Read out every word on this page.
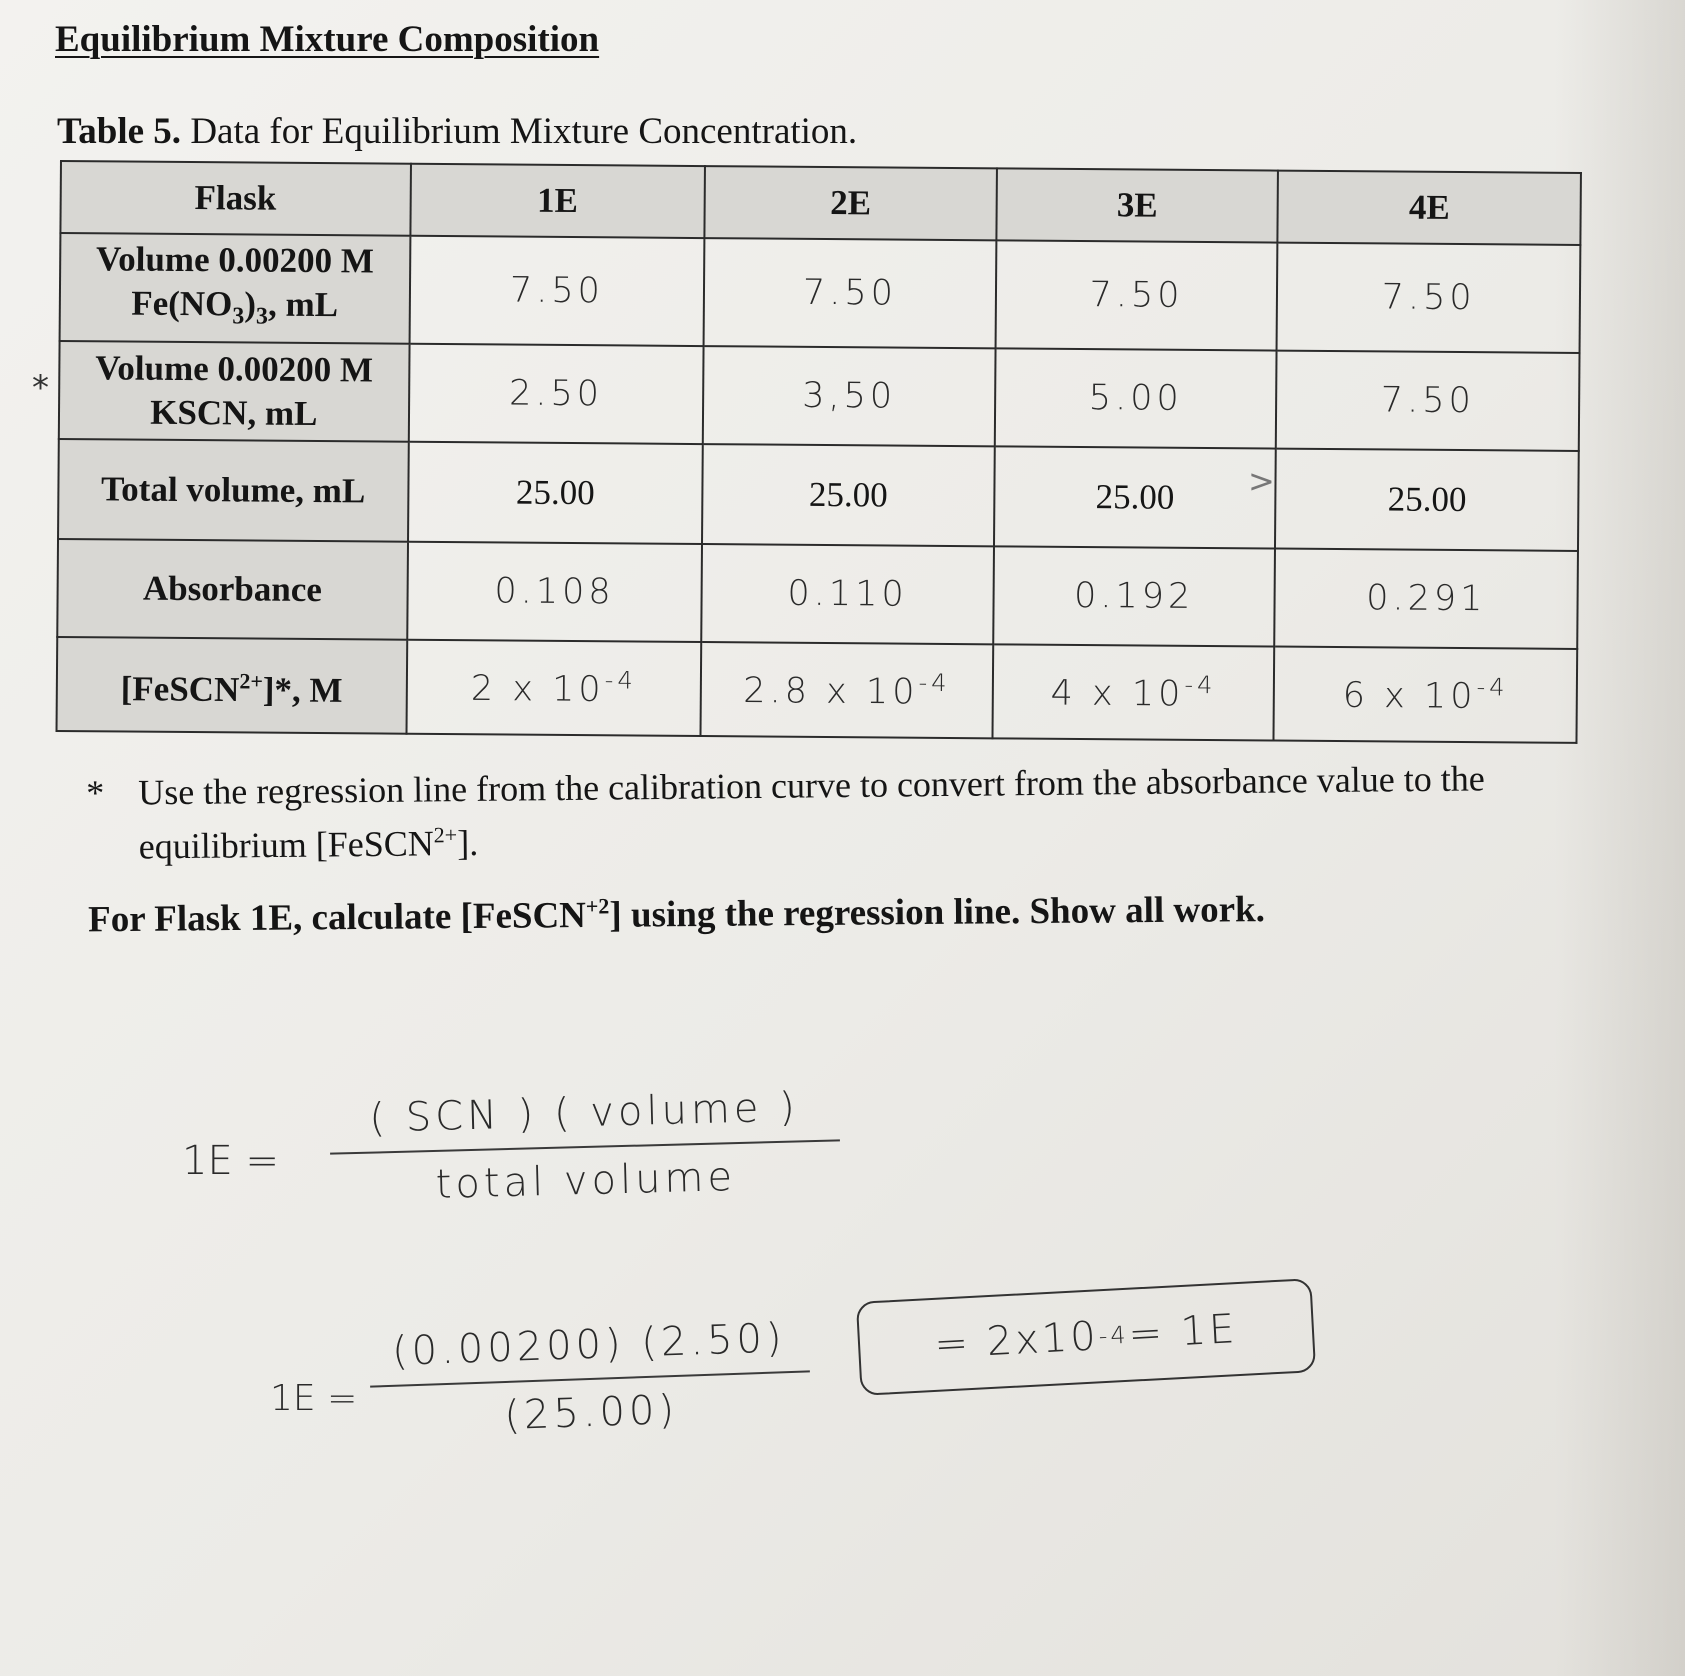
Equilibrium Mixture Composition
Table 5. Data for Equilibrium Mixture Concentration.
*
Flask	1E	2E	3E	4E
Volume 0.00200 M
$Fe(NO_3)_3$, mL	7.50	7.50	7.50	7.50
Volume 0.00200 M
KSCN, mL	2.50	3,50	5.00	7.50
Total volume, mL	25.00	25.00	25.00	25.00
Absorbance	0.108	0.110	0.192	0.291
[FeSCN$^{2+}$]*, M	2 x $10^{-4}$	2.8 x $10^{-4}$	4 x $10^{-4}$	6 x $10^{-4}$
>
* Use the regression line from the calibration curve to convert from the absorbance value to the
equilibrium [FeSCN$^{2+}$].
For Flask 1E, calculate [FeSCN$^{+2}$] using the regression line. Show all work.
1E =
( SCN ) ( volume )
total volume
1E =
(0.00200) (2.50)
(25.00)
= 2x10
-4
= 1E
